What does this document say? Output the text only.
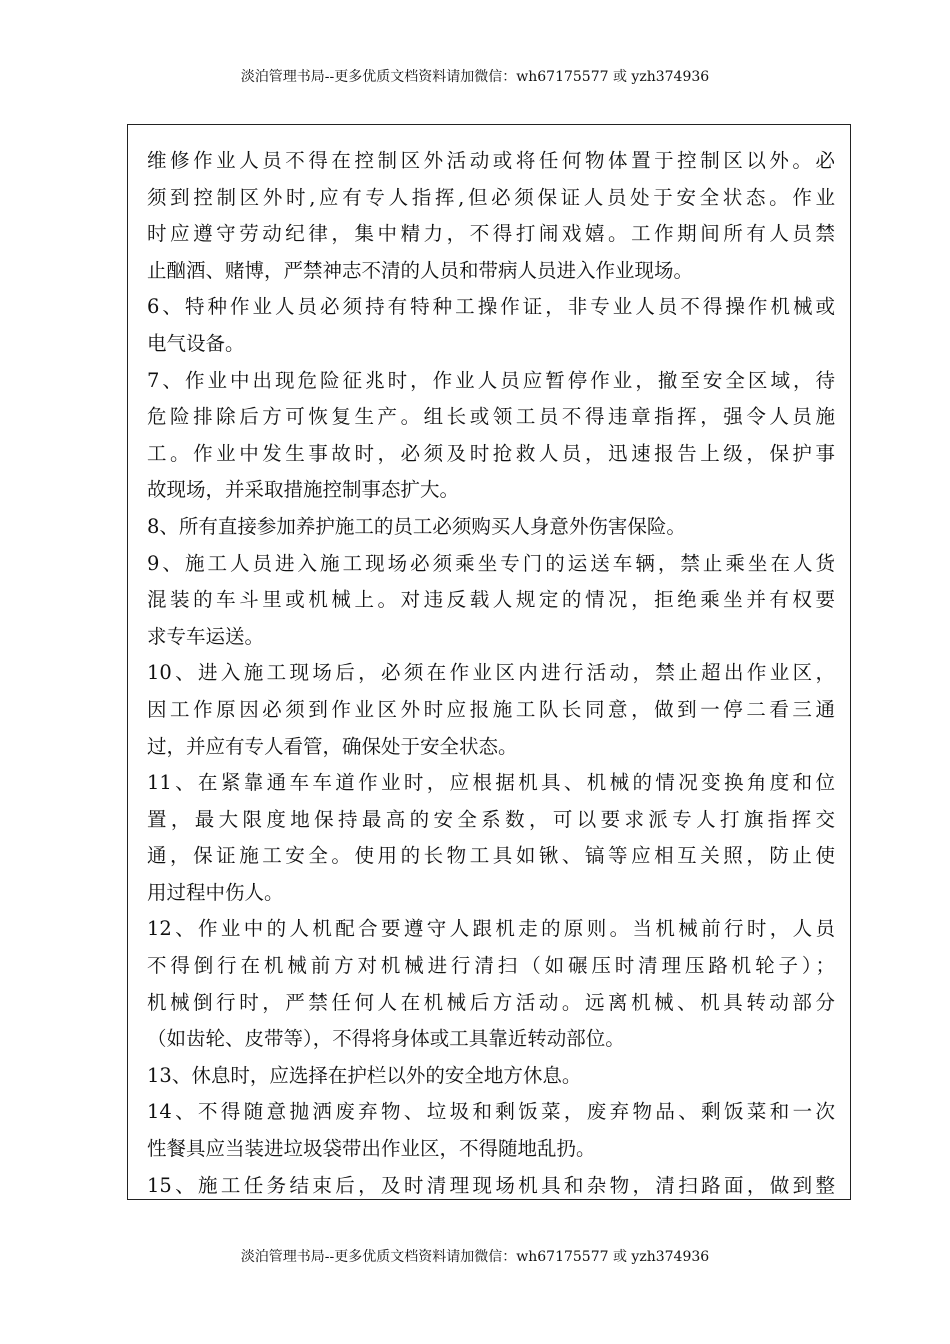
淡泊管理书局--更多优质文档资料请加微信：wh67175577 或 yzh374936
维修作业人员不得在控制区外活动或将任何物体置于控制区以外。必
须到控制区外时,应有专人指挥,但必须保证人员处于安全状态。作业
时应遵守劳动纪律，集中精力，不得打闹戏嬉。工作期间所有人员禁
止酗酒、赌博，严禁神志不清的人员和带病人员进入作业现场。
6、特种作业人员必须持有特种工操作证，非专业人员不得操作机械或
电气设备。
7、作业中出现危险征兆时，作业人员应暂停作业，撤至安全区域，待
危险排除后方可恢复生产。组长或领工员不得违章指挥，强令人员施
工。作业中发生事故时，必须及时抢救人员，迅速报告上级，保护事
故现场，并采取措施控制事态扩大。
8、所有直接参加养护施工的员工必须购买人身意外伤害保险。
9、施工人员进入施工现场必须乘坐专门的运送车辆，禁止乘坐在人货
混装的车斗里或机械上。对违反载人规定的情况，拒绝乘坐并有权要
求专车运送。
10、进入施工现场后，必须在作业区内进行活动，禁止超出作业区，
因工作原因必须到作业区外时应报施工队长同意，做到一停二看三通
过，并应有专人看管，确保处于安全状态。
11、在紧靠通车车道作业时，应根据机具、机械的情况变换角度和位
置，最大限度地保持最高的安全系数，可以要求派专人打旗指挥交
通，保证施工安全。使用的长物工具如锹、镐等应相互关照，防止使
用过程中伤人。
12、作业中的人机配合要遵守人跟机走的原则。当机械前行时，人员
不得倒行在机械前方对机械进行清扫（如碾压时清理压路机轮子）；
机械倒行时，严禁任何人在机械后方活动。远离机械、机具转动部分
（如齿轮、皮带等），不得将身体或工具靠近转动部位。
13、休息时，应选择在护栏以外的安全地方休息。
14、不得随意抛洒废弃物、垃圾和剩饭菜，废弃物品、剩饭菜和一次
性餐具应当装进垃圾袋带出作业区，不得随地乱扔。
15、施工任务结束后，及时清理现场机具和杂物，清扫路面，做到整
淡泊管理书局--更多优质文档资料请加微信：wh67175577 或 yzh374936
